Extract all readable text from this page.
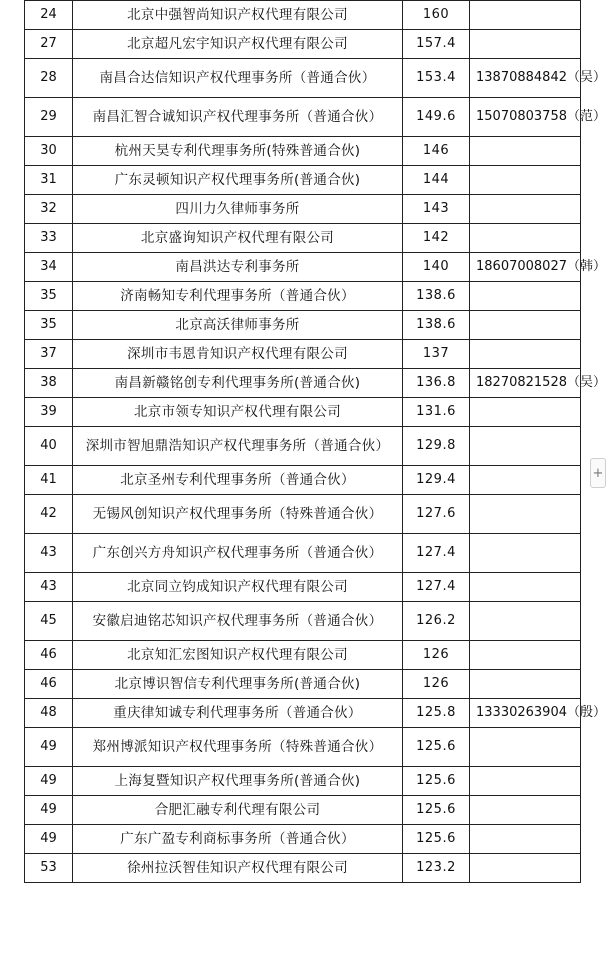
24	北京中强智尚知识产权代理有限公司	160	
27	北京超凡宏宇知识产权代理有限公司	157.4	
28	南昌合达信知识产权代理事务所（普通合伙）	153.4	13870884842（吴）
29	南昌汇智合诚知识产权代理事务所（普通合伙）	149.6	15070803758（范）
30	杭州天昊专利代理事务所(特殊普通合伙)	146	
31	广东灵顿知识产权代理事务所(普通合伙)	144	
32	四川力久律师事务所	143	
33	北京盛询知识产权代理有限公司	142	
34	南昌洪达专利事务所	140	18607008027（韩）
35	济南畅知专利代理事务所（普通合伙）	138.6	
35	北京高沃律师事务所	138.6	
37	深圳市韦恩肯知识产权代理有限公司	137	
38	南昌新赣铭创专利代理事务所(普通合伙)	136.8	18270821528（吴）
39	北京市领专知识产权代理有限公司	131.6	
40	深圳市智旭鼎浩知识产权代理事务所（普通合伙）	129.8	
41	北京圣州专利代理事务所（普通合伙）	129.4	
42	无锡风创知识产权代理事务所（特殊普通合伙）	127.6	
43	广东创兴方舟知识产权代理事务所（普通合伙）	127.4	
43	北京同立钧成知识产权代理有限公司	127.4	
45	安徽启迪铭芯知识产权代理事务所（普通合伙）	126.2	
46	北京知汇宏图知识产权代理有限公司	126	
46	北京博识智信专利代理事务所(普通合伙)	126	
48	重庆律知诚专利代理事务所（普通合伙）	125.8	13330263904（殷）
49	郑州博派知识产权代理事务所（特殊普通合伙）	125.6	
49	上海复暨知识产权代理事务所(普通合伙)	125.6	
49	合肥汇融专利代理有限公司	125.6	
49	广东广盈专利商标事务所（普通合伙）	125.6	
53	徐州拉沃智佳知识产权代理有限公司	123.2	
+
